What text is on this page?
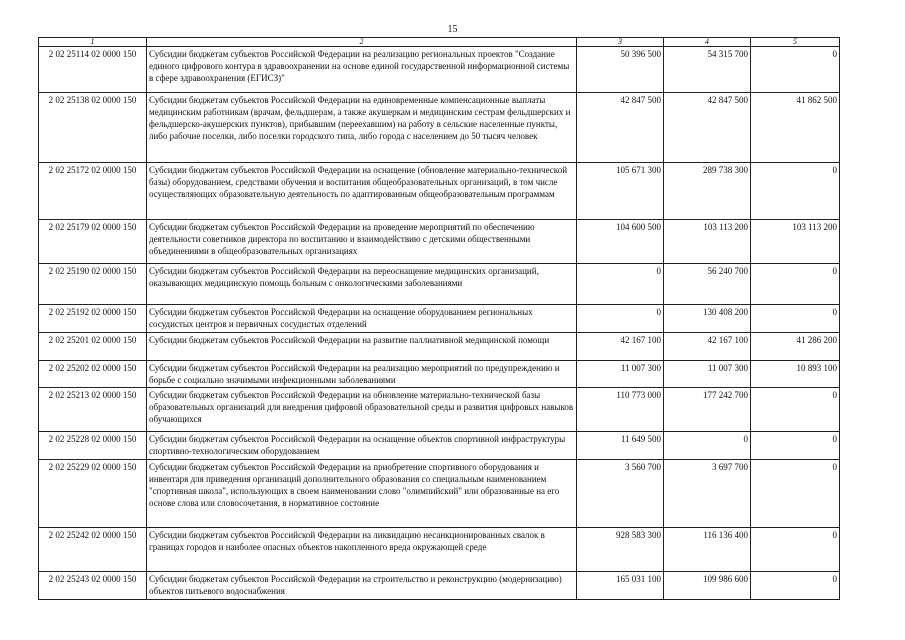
15
1	2	3	4	5
2 02 25114 02 0000 150	Субсидии бюджетам субъектов Российской Федерации на реализацию региональных проектов "Создание единого цифрового контура в здравоохранении на основе единой государственной информационной системы в сфере здравоохранения (ЕГИСЗ)"	50 396 500	54 315 700	0
2 02 25138 02 0000 150	Субсидии бюджетам субъектов Российской Федерации на единовременные компенсационные выплаты медицинским работникам (врачам, фельдшерам, а также акушеркам и медицинским сестрам фельдшерских и фельдшерско-акушерских пунктов), прибывшим (переехавшим) на работу в сельские населенные пункты, либо рабочие поселки, либо поселки городского типа, либо города с населением до 50 тысяч человек	42 847 500	42 847 500	41 862 500
2 02 25172 02 0000 150	Субсидии бюджетам субъектов Российской Федерации на оснащение (обновление материально-технической базы) оборудованием, средствами обучения и воспитания общеобразовательных организаций, в том числе осуществляющих образовательную деятельность по адаптированным общеобразовательным программам	105 671 300	289 738 300	0
2 02 25179 02 0000 150	Субсидии бюджетам субъектов Российской Федерации на проведение мероприятий по обеспечению деятельности советников директора по воспитанию и взаимодействию с детскими общественными объединениями в общеобразовательных организациях	104 600 500	103 113 200	103 113 200
2 02 25190 02 0000 150	Субсидии бюджетам субъектов Российской Федерации на переоснащение медицинских организаций, оказывающих медицинскую помощь больным с онкологическими заболеваниями	0	56 240 700	0
2 02 25192 02 0000 150	Субсидии бюджетам субъектов Российской Федерации на оснащение оборудованием региональных сосудистых центров и первичных сосудистых отделений	0	130 408 200	0
2 02 25201 02 0000 150	Субсидии бюджетам субъектов Российской Федерации на развитие паллиативной медицинской помощи	42 167 100	42 167 100	41 286 200
2 02 25202 02 0000 150	Субсидии бюджетам субъектов Российской Федерации на реализацию мероприятий по предупреждению и борьбе с социально значимыми инфекционными заболеваниями	11 007 300	11 007 300	10 893 100
2 02 25213 02 0000 150	Субсидии бюджетам субъектов Российской Федерации на обновление материально-технической базы образовательных организаций для внедрения цифровой образовательной среды и развития цифровых навыков обучающихся	110 773 000	177 242 700	0
2 02 25228 02 0000 150	Субсидии бюджетам субъектов Российской Федерации на оснащение объектов спортивной инфраструктуры спортивно-технологическим оборудованием	11 649 500	0	0
2 02 25229 02 0000 150	Субсидии бюджетам субъектов Российской Федерации на приобретение спортивного оборудования и инвентаря для приведения организаций дополнительного образования со специальным наименованием "спортивная школа", использующих в своем наименовании слово "олимпийский" или образованные на его основе слова или словосочетания, в нормативное состояние	3 560 700	3 697 700	0
2 02 25242 02 0000 150	Субсидии бюджетам субъектов Российской Федерации на ликвидацию несанкционированных свалок в границах городов и наиболее опасных объектов накопленного вреда окружающей среде	928 583 300	116 136 400	0
2 02 25243 02 0000 150	Субсидии бюджетам субъектов Российской Федерации на строительство и реконструкцию (модернизацию) объектов питьевого водоснабжения	165 031 100	109 986 600	0
